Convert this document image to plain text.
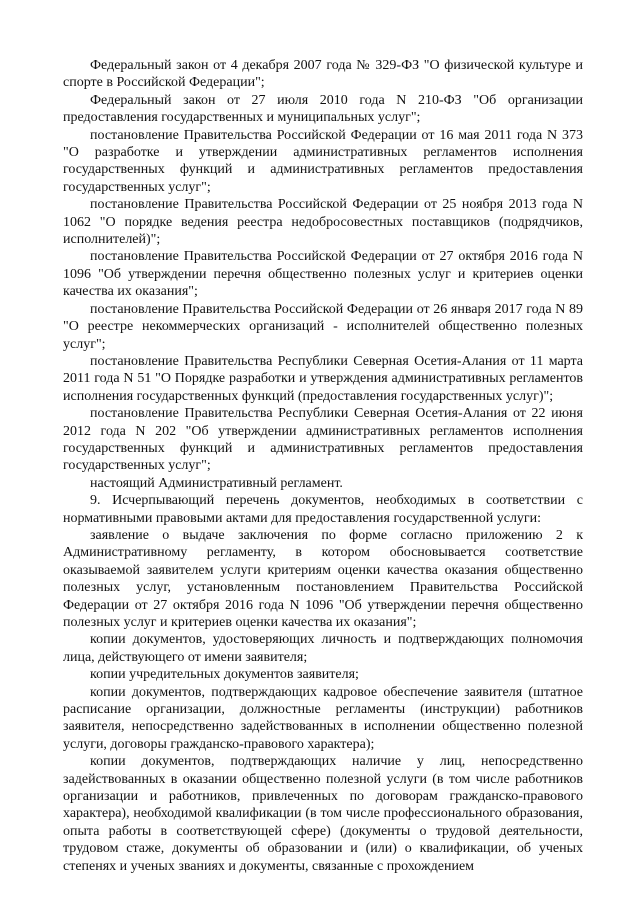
Федеральный закон от 4 декабря 2007 года № 329-ФЗ "О физической культуре и спорте в Российской Федерации";

Федеральный закон от 27 июля 2010 года N 210-ФЗ "Об организации предоставления государственных и муниципальных услуг";

постановление Правительства Российской Федерации от 16 мая 2011 года N 373 "О разработке и утверждении административных регламентов исполнения государственных функций и административных регламентов предоставления государственных услуг";

постановление Правительства Российской Федерации от 25 ноября 2013 года N 1062 "О порядке ведения реестра недобросовестных поставщиков (подрядчиков, исполнителей)";

постановление Правительства Российской Федерации от 27 октября 2016 года N 1096 "Об утверждении перечня общественно полезных услуг и критериев оценки качества их оказания";

постановление Правительства Российской Федерации от 26 января 2017 года N 89 "О реестре некоммерческих организаций - исполнителей общественно полезных услуг";

постановление Правительства Республики Северная Осетия-Алания от 11 марта 2011 года N 51 "О Порядке разработки и утверждения административных регламентов исполнения государственных функций (предоставления государственных услуг)";

постановление Правительства Республики Северная Осетия-Алания от 22 июня 2012 года N 202 "Об утверждении административных регламентов исполнения государственных функций и административных регламентов предоставления государственных услуг";

настоящий Административный регламент.

9. Исчерпывающий перечень документов, необходимых в соответствии с нормативными правовыми актами для предоставления государственной услуги:

заявление о выдаче заключения по форме согласно приложению 2 к Административному регламенту, в котором обосновывается соответствие оказываемой заявителем услуги критериям оценки качества оказания общественно полезных услуг, установленным постановлением Правительства Российской Федерации от 27 октября 2016 года N 1096 "Об утверждении перечня общественно полезных услуг и критериев оценки качества их оказания";

копии документов, удостоверяющих личность и подтверждающих полномочия лица, действующего от имени заявителя;

копии учредительных документов заявителя;

копии документов, подтверждающих кадровое обеспечение заявителя (штатное расписание организации, должностные регламенты (инструкции) работников заявителя, непосредственно задействованных в исполнении общественно полезной услуги, договоры гражданско-правового характера);

копии документов, подтверждающих наличие у лиц, непосредственно задействованных в оказании общественно полезной услуги (в том числе работников организации и работников, привлеченных по договорам гражданско-правового характера), необходимой квалификации (в том числе профессионального образования, опыта работы в соответствующей сфере) (документы о трудовой деятельности, трудовом стаже, документы об образовании и (или) о квалификации, об ученых степенях и ученых званиях и документы, связанные с прохождением
